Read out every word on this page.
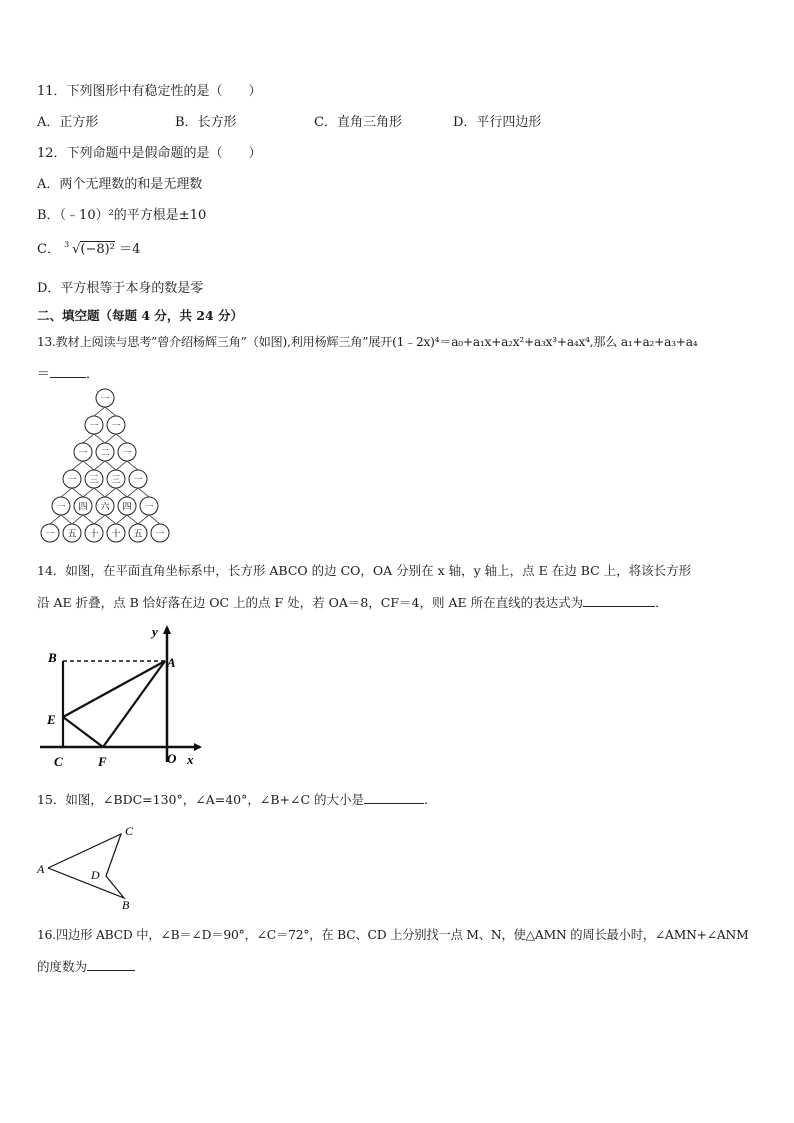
11．下列图形中有稳定性的是（　　）
A．正方形	B．长方形	C．直角三角形	D．平行四边形
12．下列命题中是假命题的是（　　）
A．两个无理数的和是无理数
B．（﹣10）²的平方根是±10
C． 3 √(−8)² ＝4
D．平方根等于本身的数是零
二、填空题（每题 4 分，共 24 分）
13.教材上阅读与思考”曾介绍杨辉三角”（如图),利用杨辉三角”展开(1﹣2x)⁴＝a₀+a₁x+a₂x²+a₃x³+a₄x⁴,那么 a₁+a₂+a₃+a₄
＝	．
一
一 一
一 二 一
一 三 三 一
一 四 六 四 一
一 五 十 十 五 一
14．如图，在平面直角坐标系中，长方形 ABCO 的边 CO，OA 分别在 x 轴，y 轴上，点 E 在边 BC 上，将该长方形
沿 AE 折叠，点 B 恰好落在边 OC 上的点 F 处，若 OA＝8，CF＝4，则 AE 所在直线的表达式为	．
y
B	A
E
C	F	O x
15．如图，∠BDC=130°，∠A=40°，∠B+∠C 的大小是	．
A
C
D
B
16.四边形 ABCD 中，∠B＝∠D＝90°，∠C＝72°，在 BC、CD 上分别找一点 M、N，使△AMN 的周长最小时，∠AMN+∠ANM
的度数为
